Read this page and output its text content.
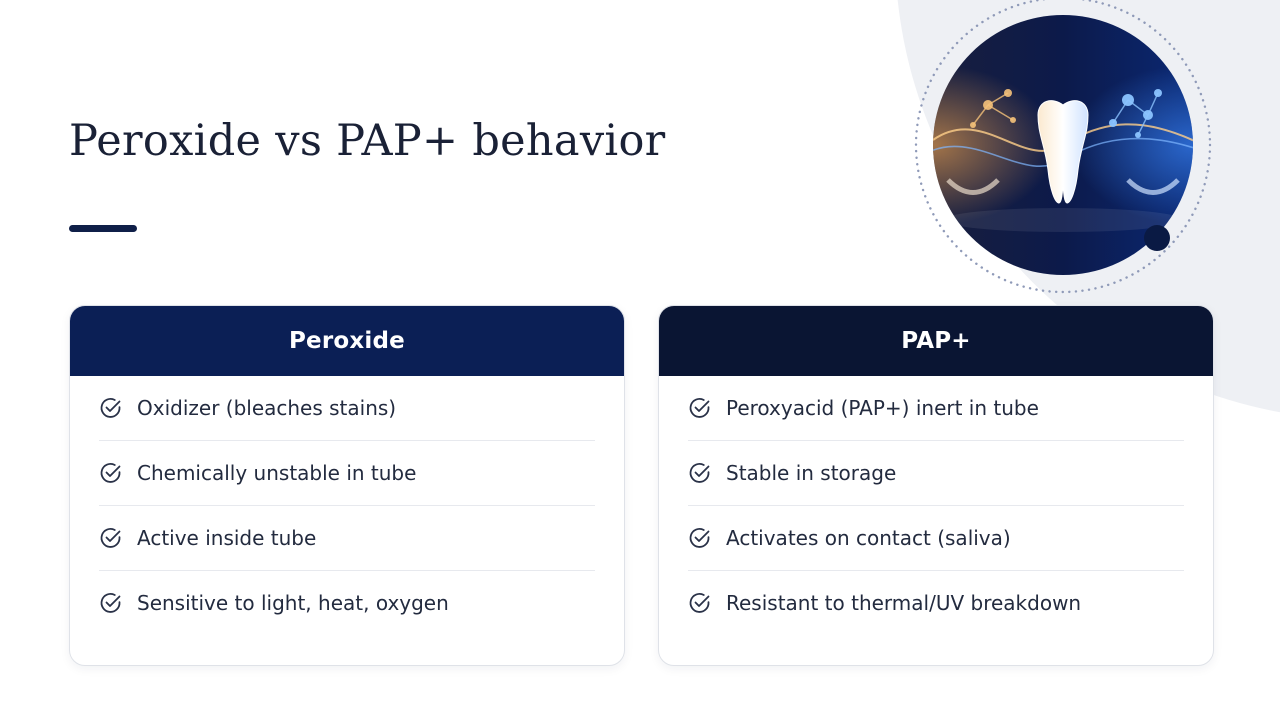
Peroxide vs PAP+ behavior
Peroxide
Oxidizer (bleaches stains)
Chemically unstable in tube
Active inside tube
Sensitive to light, heat, oxygen
PAP+
Peroxyacid (PAP+) inert in tube
Stable in storage
Activates on contact (saliva)
Resistant to thermal/UV breakdown
